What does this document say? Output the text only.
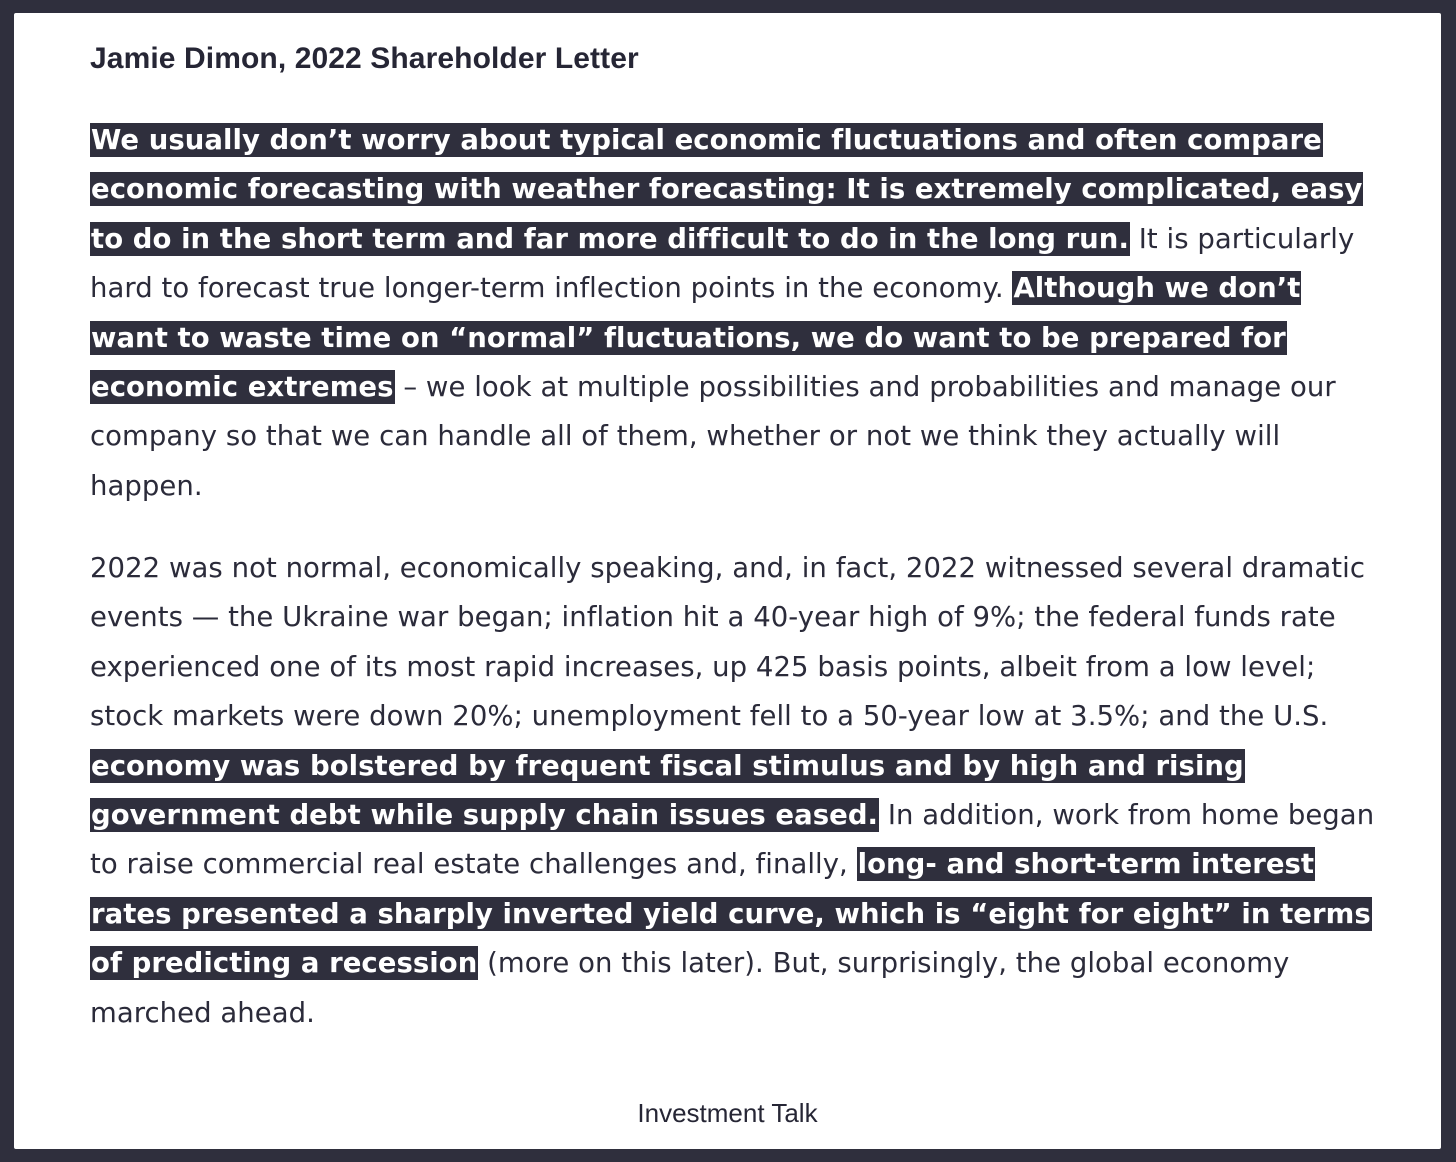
Jamie Dimon, 2022 Shareholder Letter

We usually don’t worry about typical economic fluctuations and often compare economic forecasting with weather forecasting: It is extremely complicated, easy to do in the short term and far more difficult to do in the long run. It is particularly hard to forecast true longer-term inflection points in the economy. Although we don’t want to waste time on “normal” fluctuations, we do want to be prepared for economic extremes – we look at multiple possibilities and probabilities and manage our company so that we can handle all of them, whether or not we think they actually will happen.

2022 was not normal, economically speaking, and, in fact, 2022 witnessed several dramatic events — the Ukraine war began; inflation hit a 40-year high of 9%; the federal funds rate experienced one of its most rapid increases, up 425 basis points, albeit from a low level; stock markets were down 20%; unemployment fell to a 50-year low at 3.5%; and the U.S. economy was bolstered by frequent fiscal stimulus and by high and rising government debt while supply chain issues eased. In addition, work from home began to raise commercial real estate challenges and, finally, long- and short-term interest rates presented a sharply inverted yield curve, which is “eight for eight” in terms of predicting a recession (more on this later). But, surprisingly, the global economy marched ahead.

Investment Talk
